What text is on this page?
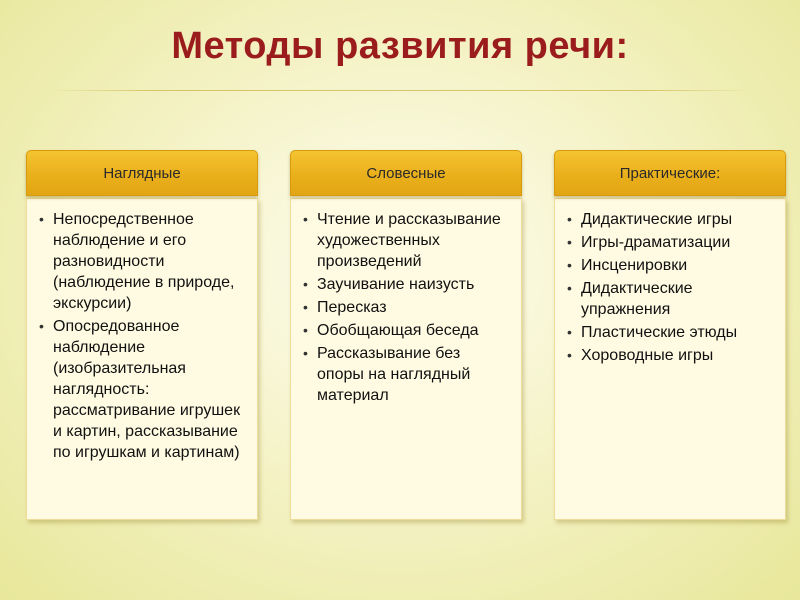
Методы развития речи:
Наглядные
• Непосредственное наблюдение и его разновидности (наблюдение в природе, экскурсии)
• Опосредованное наблюдение (изобразительная наглядность: рассматривание игрушек и картин, рассказывание по игрушкам и картинам)
Словесные
• Чтение и рассказывание художественных произведений
• Заучивание наизусть
• Пересказ
• Обобщающая беседа
• Рассказывание без опоры на наглядный материал
Практические:
• Дидактические игры
• Игры-драматизации
• Инсценировки
• Дидактические упражнения
• Пластические этюды
• Хороводные игры
